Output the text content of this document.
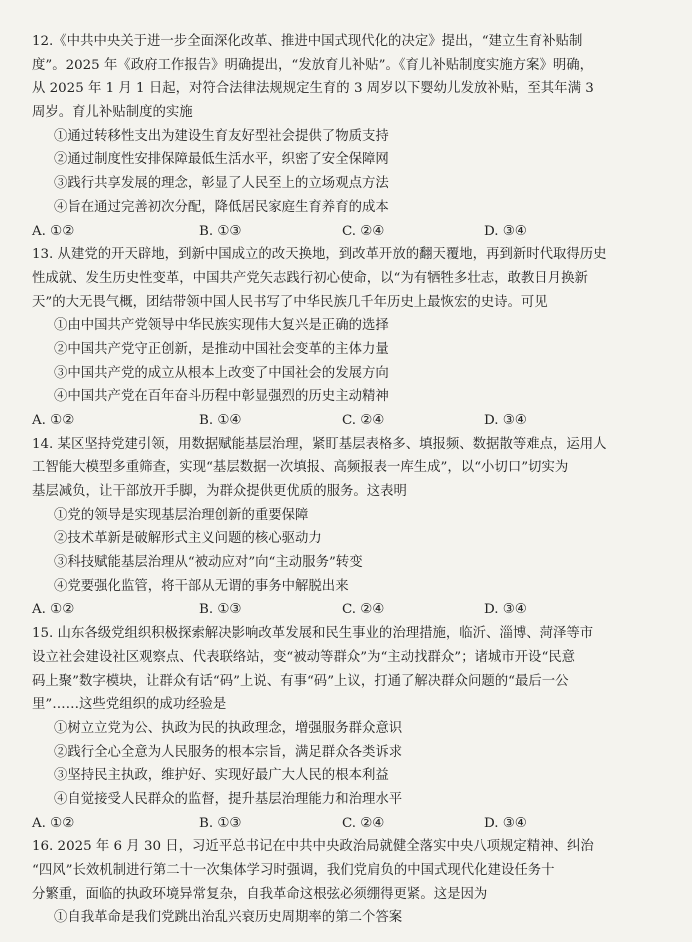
12.《中共中央关于进一步全面深化改革、推进中国式现代化的决定》提出，“建立生育补贴制
度”。2025 年《政府工作报告》明确提出，“发放育儿补贴”。《育儿补贴制度实施方案》明确，
从 2025 年 1 月 1 日起，对符合法律法规规定生育的 3 周岁以下婴幼儿发放补贴，至其年满 3
周岁。育儿补贴制度的实施
①通过转移性支出为建设生育友好型社会提供了物质支持
②通过制度性安排保障最低生活水平，织密了安全保障网
③践行共享发展的理念，彰显了人民至上的立场观点方法
④旨在通过完善初次分配，降低居民家庭生育养育的成本
A. ①②	B. ①③	C. ②④	D. ③④
13. 从建党的开天辟地，到新中国成立的改天换地，到改革开放的翻天覆地，再到新时代取得历史
性成就、发生历史性变革，中国共产党矢志践行初心使命，以“为有牺牲多壮志，敢教日月换新
天”的大无畏气概，团结带领中国人民书写了中华民族几千年历史上最恢宏的史诗。可见
①由中国共产党领导中华民族实现伟大复兴是正确的选择
②中国共产党守正创新，是推动中国社会变革的主体力量
③中国共产党的成立从根本上改变了中国社会的发展方向
④中国共产党在百年奋斗历程中彰显强烈的历史主动精神
A. ①②	B. ①④	C. ②④	D. ③④
14. 某区坚持党建引领，用数据赋能基层治理，紧盯基层表格多、填报频、数据散等难点，运用人
工智能大模型多重筛查，实现“基层数据一次填报、高频报表一库生成”，以“小切口”切实为
基层减负，让干部放开手脚，为群众提供更优质的服务。这表明
①党的领导是实现基层治理创新的重要保障
②技术革新是破解形式主义问题的核心驱动力
③科技赋能基层治理从“被动应对”向“主动服务”转变
④党要强化监管，将干部从无谓的事务中解脱出来
A. ①②	B. ①③	C. ②④	D. ③④
15. 山东各级党组织积极探索解决影响改革发展和民生事业的治理措施，临沂、淄博、菏泽等市
设立社会建设社区观察点、代表联络站，变“被动等群众”为“主动找群众”；诸城市开设“民意
码上聚”数字模块，让群众有话“码”上说、有事“码”上议，打通了解决群众问题的“最后一公
里”……这些党组织的成功经验是
①树立立党为公、执政为民的执政理念，增强服务群众意识
②践行全心全意为人民服务的根本宗旨，满足群众各类诉求
③坚持民主执政，维护好、实现好最广大人民的根本利益
④自觉接受人民群众的监督，提升基层治理能力和治理水平
A. ①②	B. ①③	C. ②④	D. ③④
16. 2025 年 6 月 30 日，习近平总书记在中共中央政治局就健全落实中央八项规定精神、纠治
“四风”长效机制进行第二十一次集体学习时强调，我们党肩负的中国式现代化建设任务十
分繁重，面临的执政环境异常复杂，自我革命这根弦必须绷得更紧。这是因为
①自我革命是我们党跳出治乱兴衰历史周期率的第二个答案
